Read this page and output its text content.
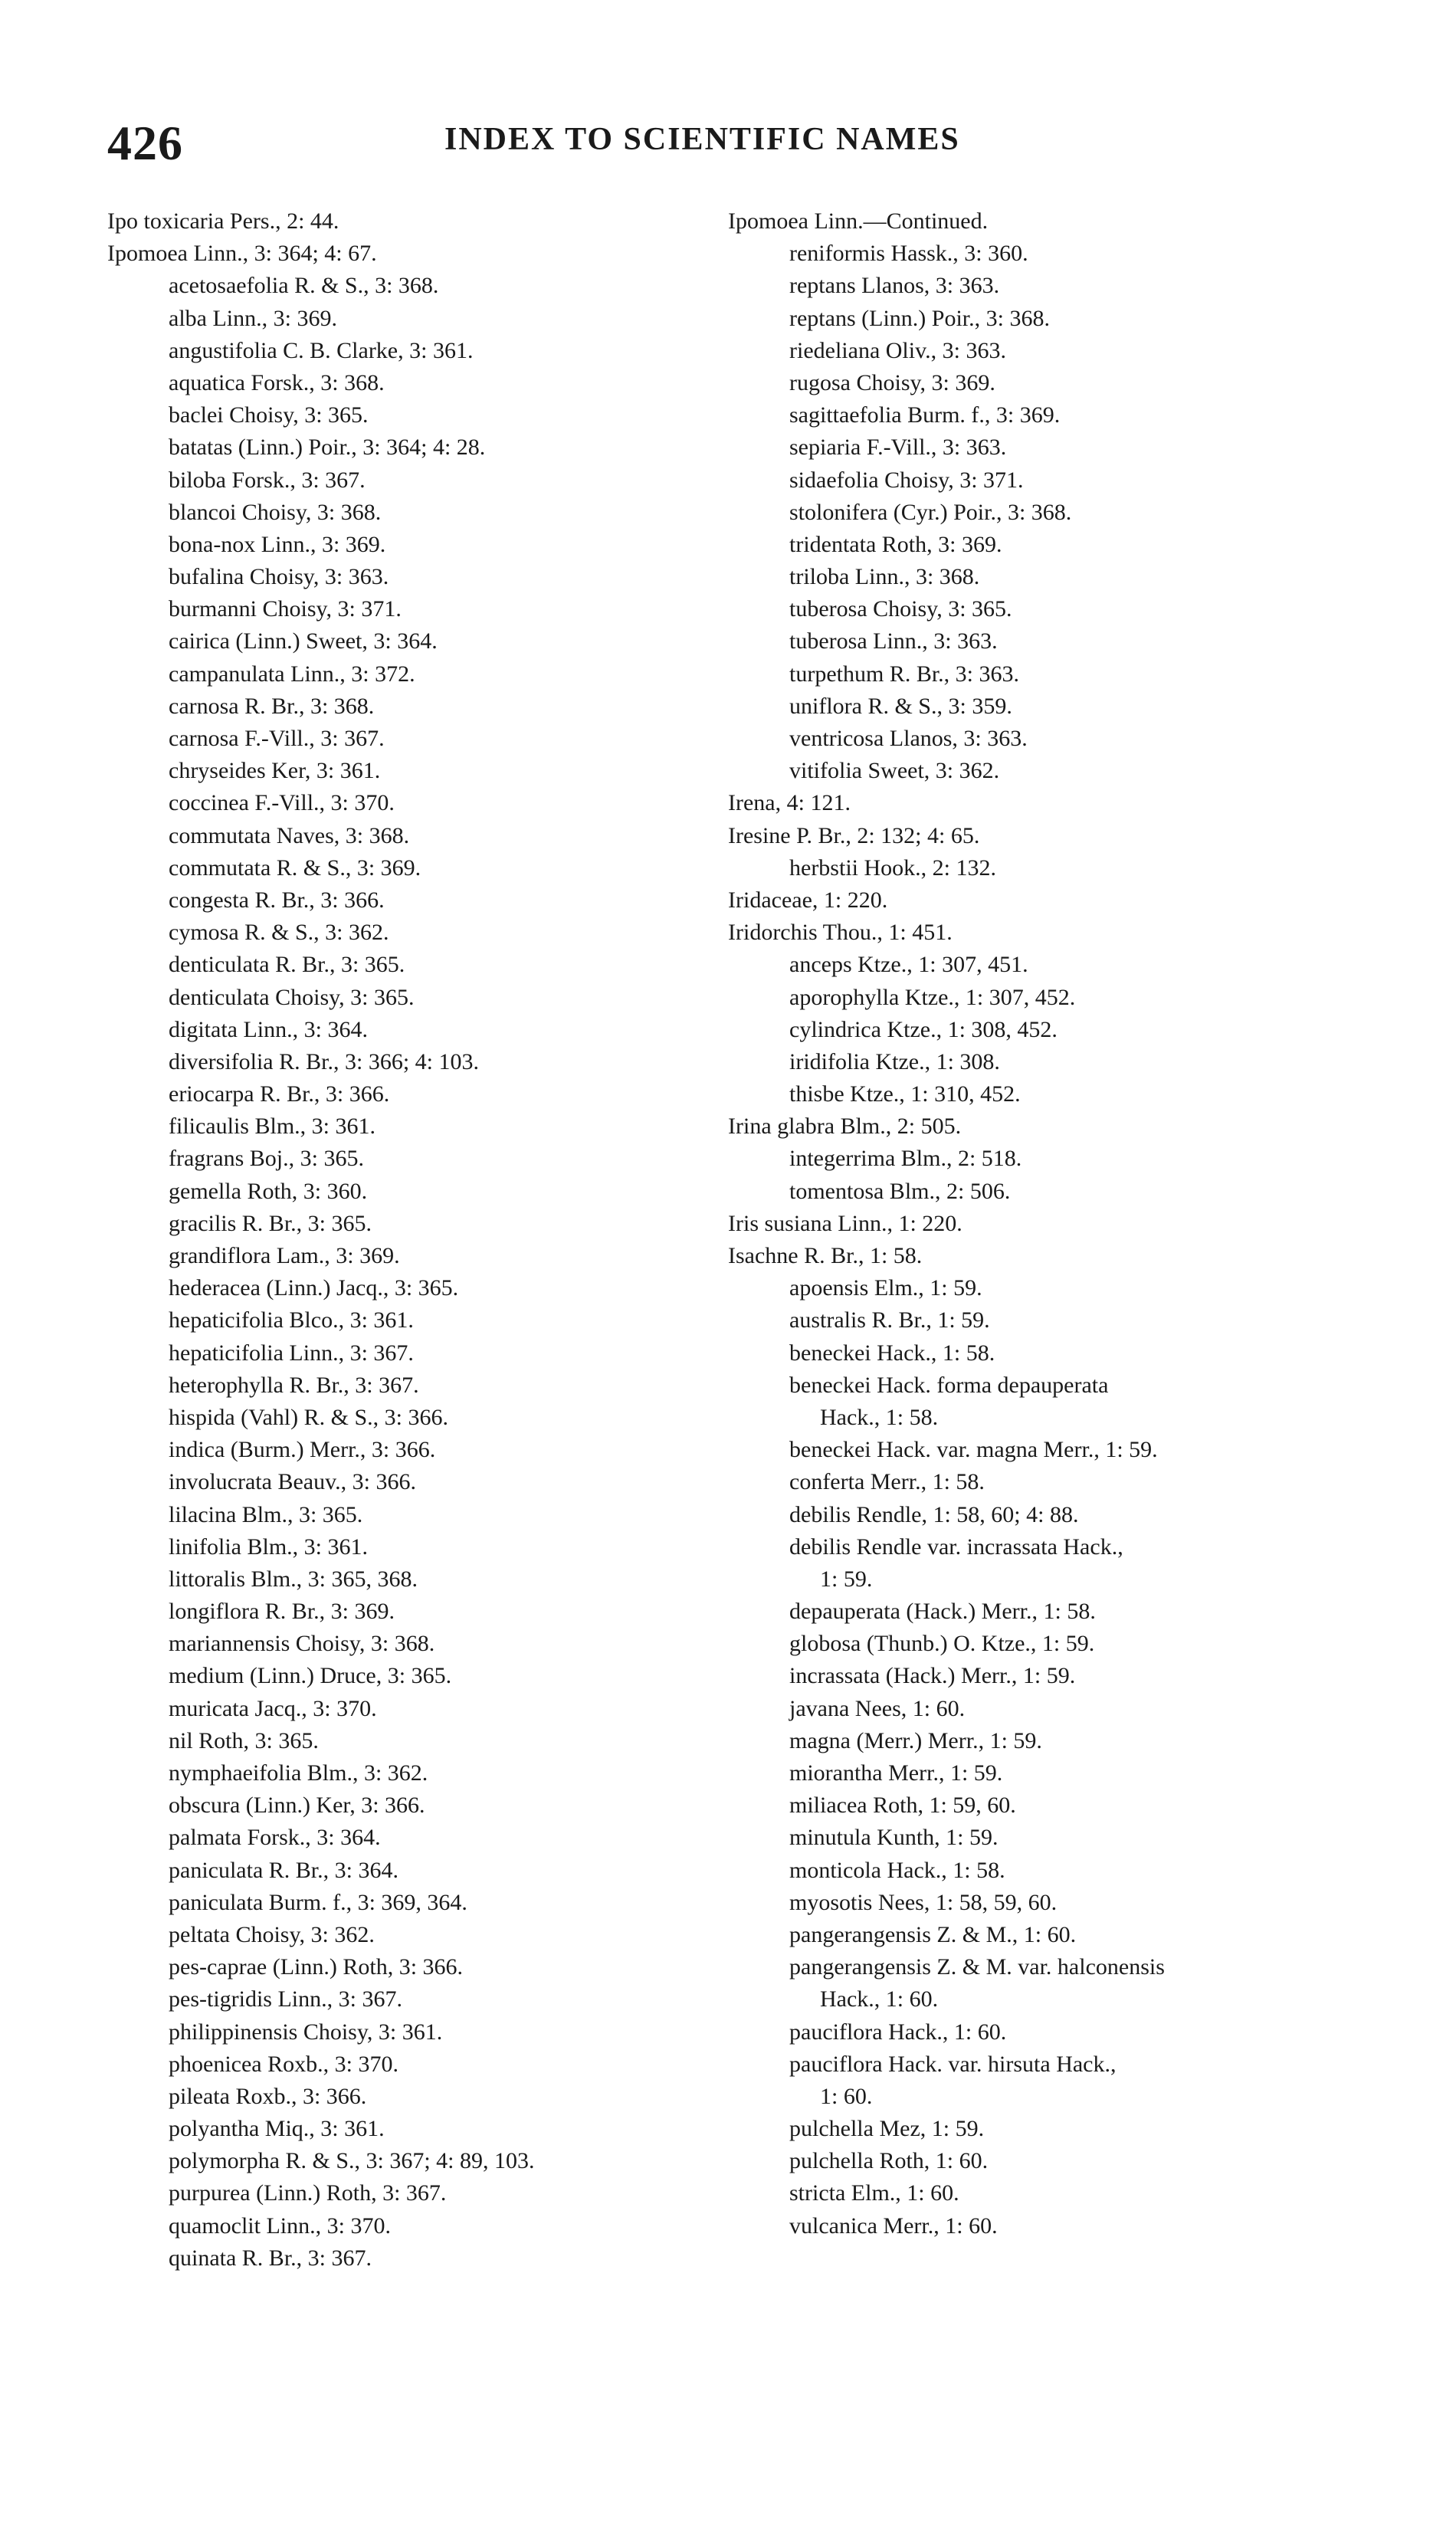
426	INDEX TO SCIENTIFIC NAMES
Ipo toxicaria Pers., 2: 44.
Ipomoea Linn., 3: 364; 4: 67.
acetosaefolia R. & S., 3: 368.
alba Linn., 3: 369.
angustifolia C. B. Clarke, 3: 361.
aquatica Forsk., 3: 368.
baclei Choisy, 3: 365.
batatas (Linn.) Poir., 3: 364; 4: 28.
biloba Forsk., 3: 367.
blancoi Choisy, 3: 368.
bona-nox Linn., 3: 369.
bufalina Choisy, 3: 363.
burmanni Choisy, 3: 371.
cairica (Linn.) Sweet, 3: 364.
campanulata Linn., 3: 372.
carnosa R. Br., 3: 368.
carnosa F.-Vill., 3: 367.
chryseides Ker, 3: 361.
coccinea F.-Vill., 3: 370.
commutata Naves, 3: 368.
commutata R. & S., 3: 369.
congesta R. Br., 3: 366.
cymosa R. & S., 3: 362.
denticulata R. Br., 3: 365.
denticulata Choisy, 3: 365.
digitata Linn., 3: 364.
diversifolia R. Br., 3: 366; 4: 103.
eriocarpa R. Br., 3: 366.
filicaulis Blm., 3: 361.
fragrans Boj., 3: 365.
gemella Roth, 3: 360.
gracilis R. Br., 3: 365.
grandiflora Lam., 3: 369.
hederacea (Linn.) Jacq., 3: 365.
hepaticifolia Blco., 3: 361.
hepaticifolia Linn., 3: 367.
heterophylla R. Br., 3: 367.
hispida (Vahl) R. & S., 3: 366.
indica (Burm.) Merr., 3: 366.
involucrata Beauv., 3: 366.
lilacina Blm., 3: 365.
linifolia Blm., 3: 361.
littoralis Blm., 3: 365, 368.
longiflora R. Br., 3: 369.
mariannensis Choisy, 3: 368.
medium (Linn.) Druce, 3: 365.
muricata Jacq., 3: 370.
nil Roth, 3: 365.
nymphaeifolia Blm., 3: 362.
obscura (Linn.) Ker, 3: 366.
palmata Forsk., 3: 364.
paniculata R. Br., 3: 364.
paniculata Burm. f., 3: 369, 364.
peltata Choisy, 3: 362.
pes-caprae (Linn.) Roth, 3: 366.
pes-tigridis Linn., 3: 367.
philippinensis Choisy, 3: 361.
phoenicea Roxb., 3: 370.
pileata Roxb., 3: 366.
polyantha Miq., 3: 361.
polymorpha R. & S., 3: 367; 4: 89, 103.
purpurea (Linn.) Roth, 3: 367.
quamoclit Linn., 3: 370.
quinata R. Br., 3: 367.
Ipomoea Linn.—Continued.
reniformis Hassk., 3: 360.
reptans Llanos, 3: 363.
reptans (Linn.) Poir., 3: 368.
riedeliana Oliv., 3: 363.
rugosa Choisy, 3: 369.
sagittaefolia Burm. f., 3: 369.
sepiaria F.-Vill., 3: 363.
sidaefolia Choisy, 3: 371.
stolonifera (Cyr.) Poir., 3: 368.
tridentata Roth, 3: 369.
triloba Linn., 3: 368.
tuberosa Choisy, 3: 365.
tuberosa Linn., 3: 363.
turpethum R. Br., 3: 363.
uniflora R. & S., 3: 359.
ventricosa Llanos, 3: 363.
vitifolia Sweet, 3: 362.
Irena, 4: 121.
Iresine P. Br., 2: 132; 4: 65.
herbstii Hook., 2: 132.
Iridaceae, 1: 220.
Iridorchis Thou., 1: 451.
anceps Ktze., 1: 307, 451.
aporophylla Ktze., 1: 307, 452.
cylindrica Ktze., 1: 308, 452.
iridifolia Ktze., 1: 308.
thisbe Ktze., 1: 310, 452.
Irina glabra Blm., 2: 505.
integerrima Blm., 2: 518.
tomentosa Blm., 2: 506.
Iris susiana Linn., 1: 220.
Isachne R. Br., 1: 58.
apoensis Elm., 1: 59.
australis R. Br., 1: 59.
beneckei Hack., 1: 58.
beneckei Hack. forma depauperata
Hack., 1: 58.
beneckei Hack. var. magna Merr., 1: 59.
conferta Merr., 1: 58.
debilis Rendle, 1: 58, 60; 4: 88.
debilis Rendle var. incrassata Hack.,
1: 59.
depauperata (Hack.) Merr., 1: 58.
globosa (Thunb.) O. Ktze., 1: 59.
incrassata (Hack.) Merr., 1: 59.
javana Nees, 1: 60.
magna (Merr.) Merr., 1: 59.
miorantha Merr., 1: 59.
miliacea Roth, 1: 59, 60.
minutula Kunth, 1: 59.
monticola Hack., 1: 58.
myosotis Nees, 1: 58, 59, 60.
pangerangensis Z. & M., 1: 60.
pangerangensis Z. & M. var. halconensis
Hack., 1: 60.
pauciflora Hack., 1: 60.
pauciflora Hack. var. hirsuta Hack.,
1: 60.
pulchella Mez, 1: 59.
pulchella Roth, 1: 60.
stricta Elm., 1: 60.
vulcanica Merr., 1: 60.
